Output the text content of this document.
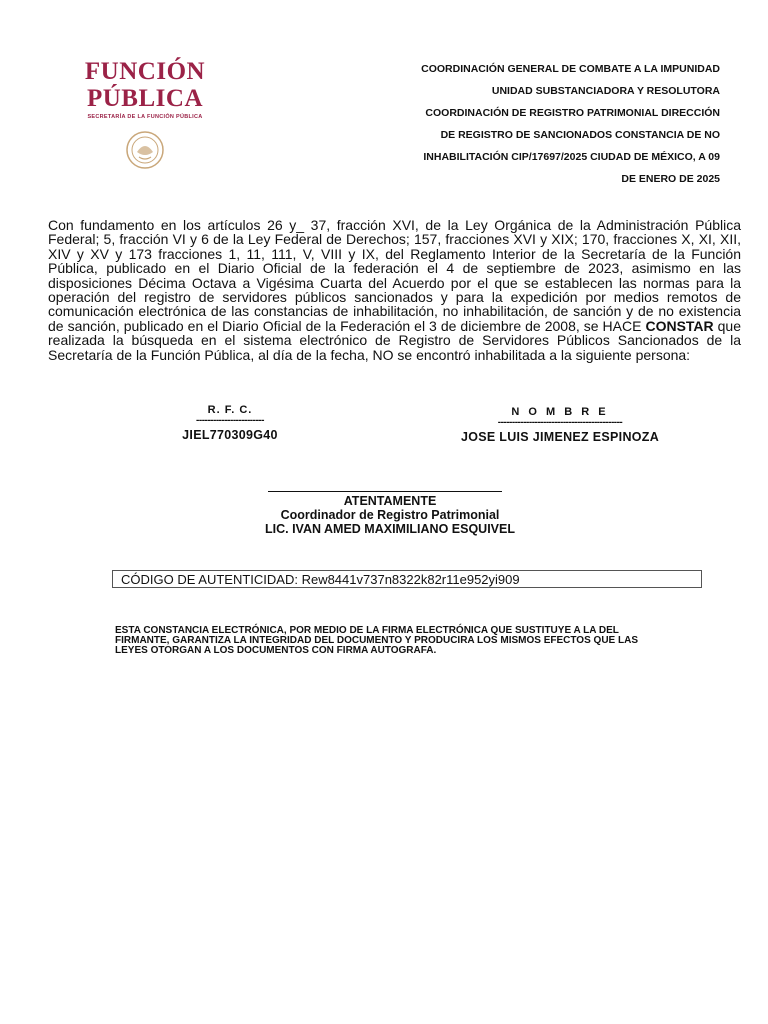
FUNCIÓN
PÚBLICA
SECRETARÍA DE LA FUNCIÓN PÚBLICA
COORDINACIÓN GENERAL DE COMBATE A LA IMPUNIDAD
UNIDAD SUBSTANCIADORA Y RESOLUTORA
COORDINACIÓN DE REGISTRO PATRIMONIAL DIRECCIÓN
DE REGISTRO DE SANCIONADOS CONSTANCIA DE NO
INHABILITACIÓN CIP/17697/2025 CIUDAD DE MÉXICO, A 09
DE ENERO DE 2025
Con fundamento en los artículos 26 y_ 37, fracción XVI, de la Ley Orgánica de la Administración Pública Federal; 5, fracción VI y 6 de la Ley Federal de Derechos; 157, fracciones XVI y XIX; 170, fracciones X, XI, XII, XIV y XV y 173 fracciones 1, 11, 111, V, VIII y IX, del Reglamento Interior de la Secretaría de la Función Pública, publicado en el Diario Oficial de la federación el 4 de septiembre de 2023, asimismo en las disposiciones Décima Octava a Vigésima Cuarta del Acuerdo por el que se establecen las normas para la operación del registro de servidores públicos sancionados y para la expedición por medios remotos de comunicación electrónica de las constancias de inhabilitación, no inhabilitación, de sanción y de no existencia de sanción, publicado en el Diario Oficial de la Federación el 3 de diciembre de 2008, se HACE CONSTAR que realizada la búsqueda en el sistema electrónico de Registro de Servidores Públicos Sancionados de la Secretaría de la Función Pública, al día de la fecha, NO se encontró inhabilitada a la siguiente persona:
R. F. C.
------------------------
JIEL770309G40
N O M B R E
--------------------------------------------
JOSE LUIS JIMENEZ ESPINOZA
ATENTAMENTE
Coordinador de Registro Patrimonial
LIC. IVAN AMED MAXIMILIANO ESQUIVEL
CÓDIGO DE AUTENTICIDAD: Rew8441v737n8322k82r11e952yi909
ESTA CONSTANCIA ELECTRÓNICA, POR MEDIO DE LA FIRMA ELECTRÓNICA QUE SUSTITUYE A LA DEL FIRMANTE, GARANTIZA LA INTEGRIDAD DEL DOCUMENTO Y PRODUCIRA LOS MISMOS EFECTOS QUE LAS LEYES OTORGAN A LOS DOCUMENTOS CON FIRMA AUTOGRAFA.
